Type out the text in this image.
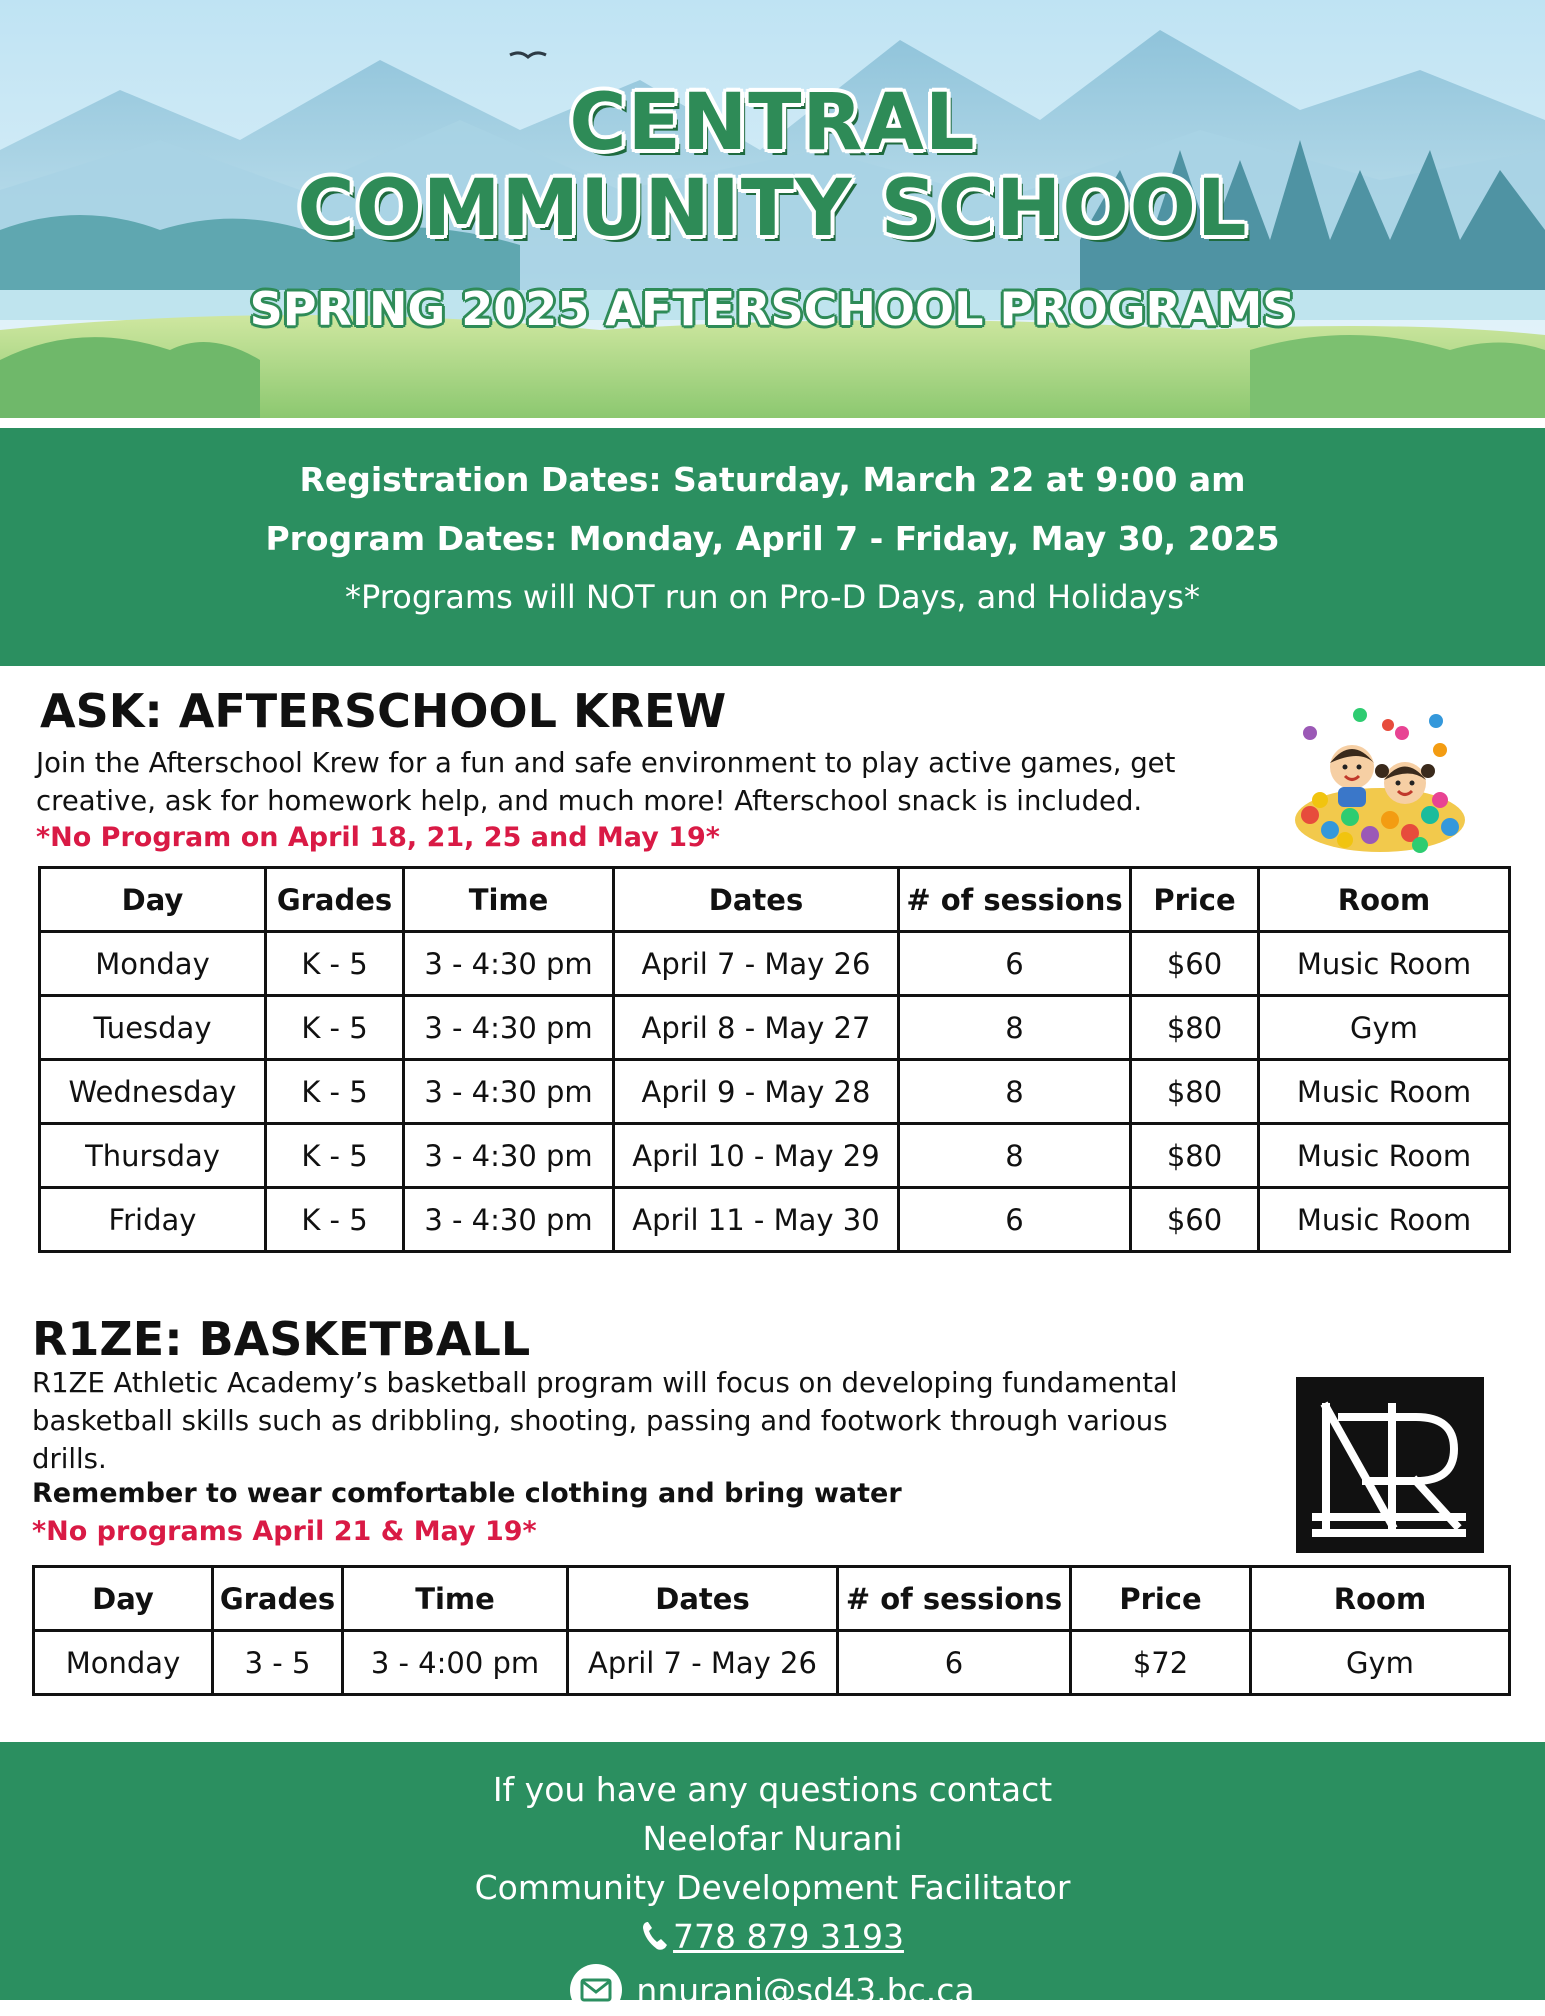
CENTRAL
COMMUNITY SCHOOL
SPRING 2025 AFTERSCHOOL PROGRAMS
Registration Dates: Saturday, March 22 at 9:00 am
Program Dates: Monday, April 7 - Friday, May 30, 2025
*Programs will NOT run on Pro-D Days, and Holidays*
ASK: AFTERSCHOOL KREW
Join the Afterschool Krew for a fun and safe environment to play active games, get
creative, ask for homework help, and much more! Afterschool snack is included.
*No Program on April 18, 21, 25 and May 19*
Day	Grades	Time	Dates	# of sessions	Price	Room
Monday	K - 5	3 - 4:30 pm	April 7 - May 26	6	$60	Music Room
Tuesday	K - 5	3 - 4:30 pm	April 8 - May 27	8	$80	Gym
Wednesday	K - 5	3 - 4:30 pm	April 9 - May 28	8	$80	Music Room
Thursday	K - 5	3 - 4:30 pm	April 10 - May 29	8	$80	Music Room
Friday	K - 5	3 - 4:30 pm	April 11 - May 30	6	$60	Music Room
R1ZE: BASKETBALL
R1ZE Athletic Academy’s basketball program will focus on developing fundamental
basketball skills such as dribbling, shooting, passing and footwork through various
drills.
Remember to wear comfortable clothing and bring water
*No programs April 21 & May 19*
Day	Grades	Time	Dates	# of sessions	Price	Room
Monday	3 - 5	3 - 4:00 pm	April 7 - May 26	6	$72	Gym
If you have any questions contact
Neelofar Nurani
Community Development Facilitator
778 879 3193
nnurani@sd43.bc.ca
